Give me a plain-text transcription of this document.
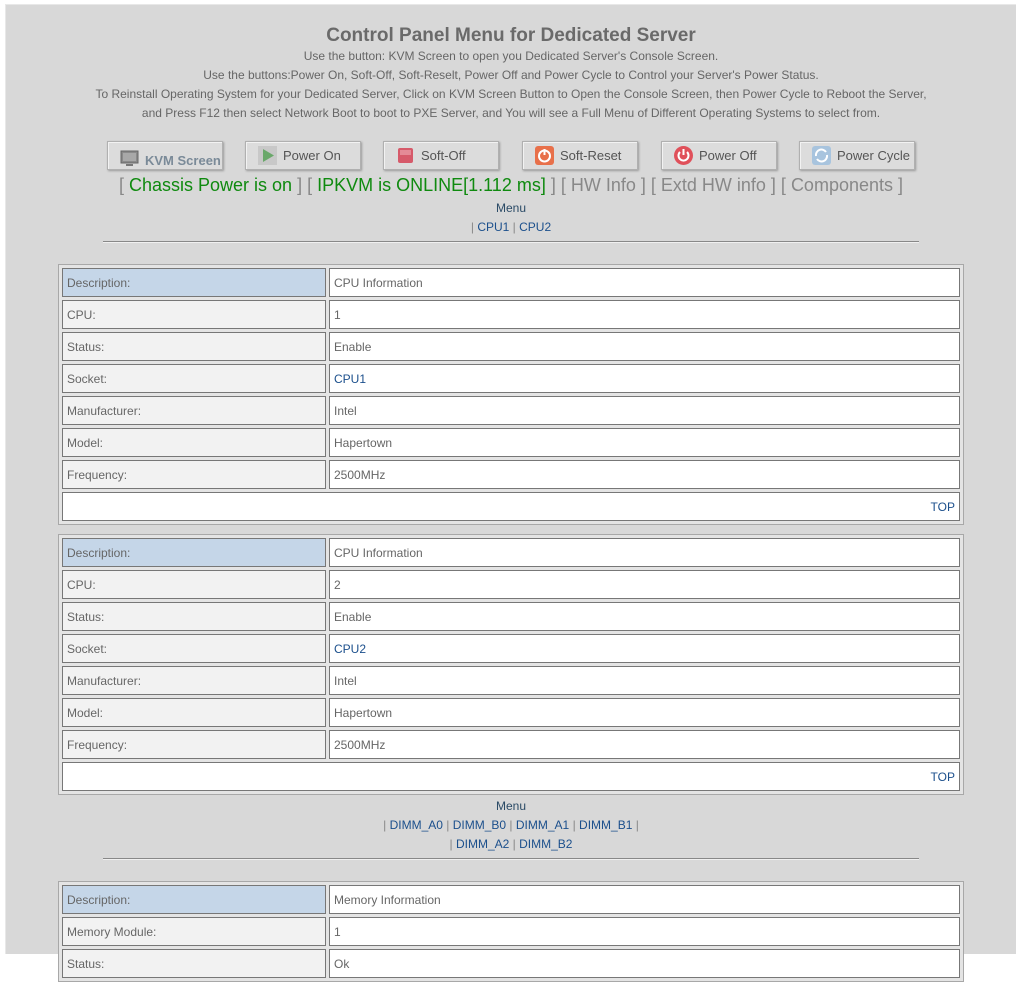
Control Panel Menu for Dedicated Server
Use the button: KVM Screen to open you Dedicated Server's Console Screen.
Use the buttons:Power On, Soft-Off, Soft-Reselt, Power Off and Power Cycle to Control your Server's Power Status.
To Reinstall Operating System for your Dedicated Server, Click on KVM Screen Button to Open the Console Screen, then Power Cycle to Reboot the Server,
and Press F12 then select Network Boot to boot to PXE Server, and You will see a Full Menu of Different Operating Systems to select from.
KVM Screen	Power On	Soft-Off	Soft-Reset	Power Off	Power Cycle
[ Chassis Power is on ] [ IPKVM is ONLINE[1.112 ms] ] [ HW Info ] [ Extd HW info ] [ Components ]
Menu
| CPU1 | CPU2
Description:	CPU Information
CPU:	1
Status:	Enable
Socket:	CPU1
Manufacturer:	Intel
Model:	Hapertown
Frequency:	2500MHz
TOP	
Description:	CPU Information
CPU:	2
Status:	Enable
Socket:	CPU2
Manufacturer:	Intel
Model:	Hapertown
Frequency:	2500MHz
TOP	
Menu
| DIMM_A0 | DIMM_B0 | DIMM_A1 | DIMM_B1 |
| DIMM_A2 | DIMM_B2
Description:	Memory Information
Memory Module:	1
Status:	Ok
